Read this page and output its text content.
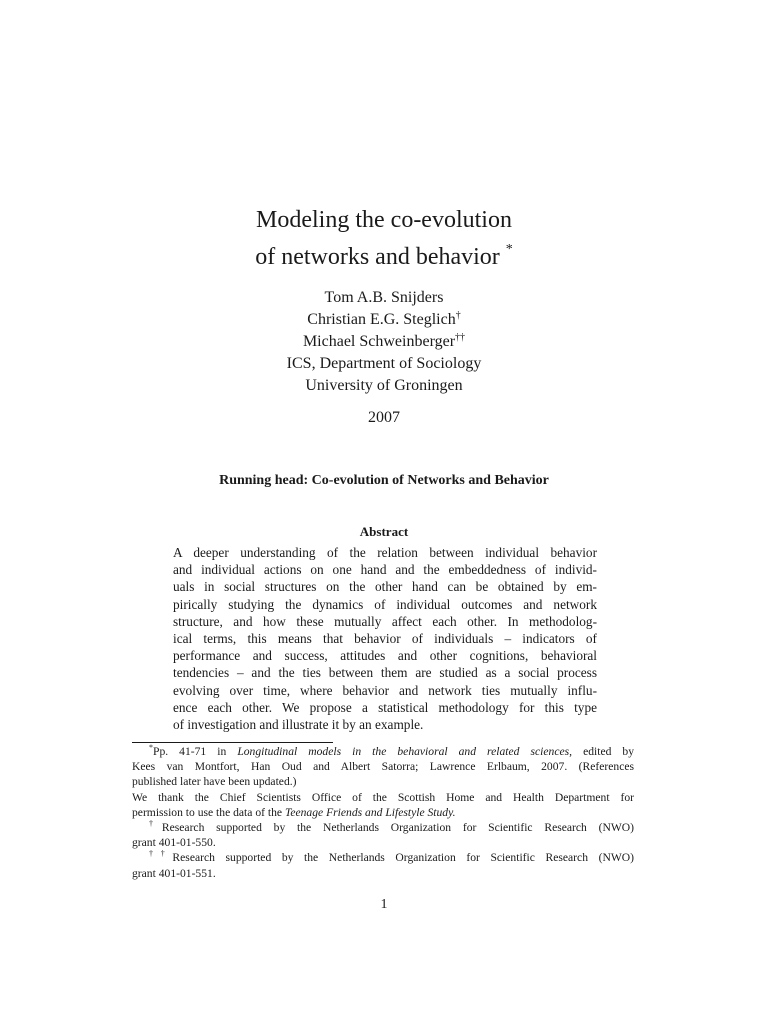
Modeling the co-evolution
of networks and behavior *
Tom A.B. Snijders
Christian E.G. Steglich†
Michael Schweinberger††
ICS, Department of Sociology
University of Groningen
2007
Running head: Co-evolution of Networks and Behavior
Abstract
A deeper understanding of the relation between individual behavior
and individual actions on one hand and the embeddedness of individ-
uals in social structures on the other hand can be obtained by em-
pirically studying the dynamics of individual outcomes and network
structure, and how these mutually affect each other. In methodolog-
ical terms, this means that behavior of individuals – indicators of
performance and success, attitudes and other cognitions, behavioral
tendencies – and the ties between them are studied as a social process
evolving over time, where behavior and network ties mutually influ-
ence each other. We propose a statistical methodology for this type
of investigation and illustrate it by an example.
*Pp. 41-71 in Longitudinal models in the behavioral and related sciences, edited by
Kees van Montfort, Han Oud and Albert Satorra; Lawrence Erlbaum, 2007. (References
published later have been updated.)
We thank the Chief Scientists Office of the Scottish Home and Health Department for
permission to use the data of the Teenage Friends and Lifestyle Study.
†Research supported by the Netherlands Organization for Scientific Research (NWO)
grant 401-01-550.
††Research supported by the Netherlands Organization for Scientific Research (NWO)
grant 401-01-551.
1
